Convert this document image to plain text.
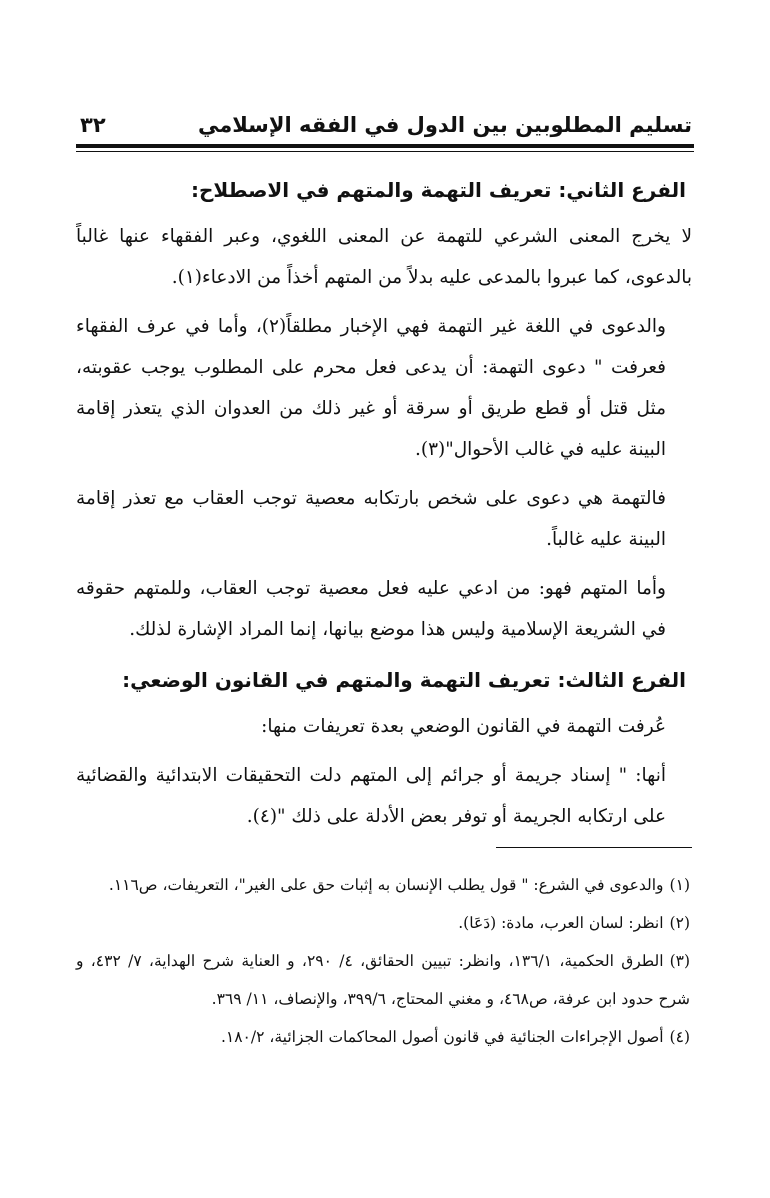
تسليم المطلوبين بين الدول في الفقه الإسلامي
٣٢
الفرع الثاني: تعريف التهمة والمتهم في الاصطلاح:

لا يخرج المعنى الشرعي للتهمة عن المعنى اللغوي، وعبر الفقهاء عنها غالباً بالدعوى، كما عبروا بالمدعى عليه بدلاً من المتهم أخذاً من الادعاء(١).

والدعوى في اللغة غير التهمة فهي الإخبار مطلقاً(٢)، وأما في عرف الفقهاء فعرفت " دعوى التهمة: أن يدعى فعل محرم على المطلوب يوجب عقوبته، مثل قتل أو قطع طريق أو سرقة أو غير ذلك من العدوان الذي يتعذر إقامة البينة عليه في غالب الأحوال"(٣).

فالتهمة هي دعوى على شخص بارتكابه معصية توجب العقاب مع تعذر إقامة البينة عليه غالباً.

وأما المتهم فهو: من ادعي عليه فعل معصية توجب العقاب، وللمتهم حقوقه في الشريعة الإسلامية وليس هذا موضع بيانها، إنما المراد الإشارة لذلك.

الفرع الثالث: تعريف التهمة والمتهم في القانون الوضعي:

عُرفت التهمة في القانون الوضعي بعدة تعريفات منها:

أنها: " إسناد جريمة أو جرائم إلى المتهم دلت التحقيقات الابتدائية والقضائية على ارتكابه الجريمة أو توفر بعض الأدلة على ذلك "(٤).

(١)والدعوى في الشرع: " قول يطلب الإنسان به إثبات حق على الغير"، التعريفات، ص١١٦.

(٢)انظر: لسان العرب، مادة: (دَعَا).

(٣)الطرق الحكمية، ١٣٦/١، وانظر: تبيين الحقائق، ٤/ ٢٩٠، و العناية شرح الهداية، ٧/ ٤٣٢، و شرح حدود ابن عرفة، ص٤٦٨، و مغني المحتاج، ٣٩٩/٦، والإنصاف، ١١/ ٣٦٩.

(٤)أصول الإجراءات الجنائية في قانون أصول المحاكمات الجزائية، ١٨٠/٢.
